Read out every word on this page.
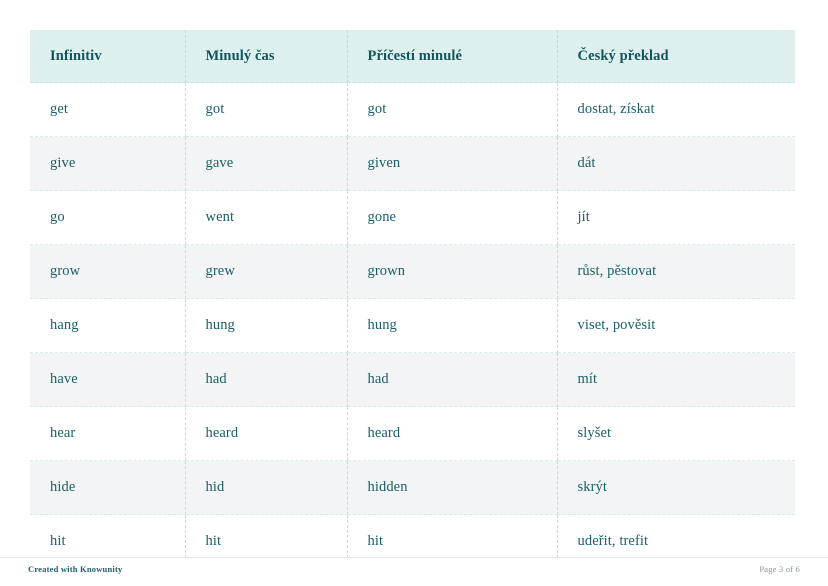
Infinitiv	Minulý čas	Příčestí minulé	Český překlad
get	got	got	dostat, získat
give	gave	given	dát
go	went	gone	jít
grow	grew	grown	růst, pěstovat
hang	hung	hung	viset, pověsit
have	had	had	mít
hear	heard	heard	slyšet
hide	hid	hidden	skrýt
hit	hit	hit	udeřit, trefit
Created with Knowunity	Page 3 of 6
